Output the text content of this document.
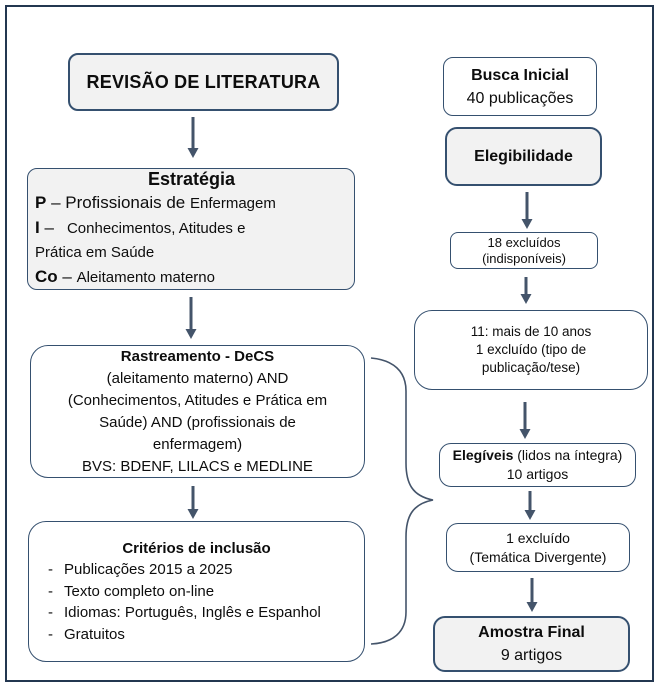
REVISÃO DE LITERATURA
Estratégia
P – Profissionais de Enfermagem
I –   Conhecimentos, Atitudes e
Prática em Saúde
Co – Aleitamento materno
Rastreamento - DeCS
(aleitamento materno) AND
(Conhecimentos, Atitudes e Prática em
Saúde) AND (profissionais de
enfermagem)
BVS: BDENF, LILACS e MEDLINE
Critérios de inclusão
- Publicações 2015 a 2025
- Texto completo on-line
- Idiomas: Português, Inglês e Espanhol
- Gratuitos
Busca Inicial
40 publicações
Elegibilidade
18 excluídos
(indisponíveis)
11: mais de 10 anos
1 excluído (tipo de
publicação/tese)
Elegíveis (lidos na íntegra)
10 artigos
1 excluído
(Temática Divergente)
Amostra Final
9 artigos
